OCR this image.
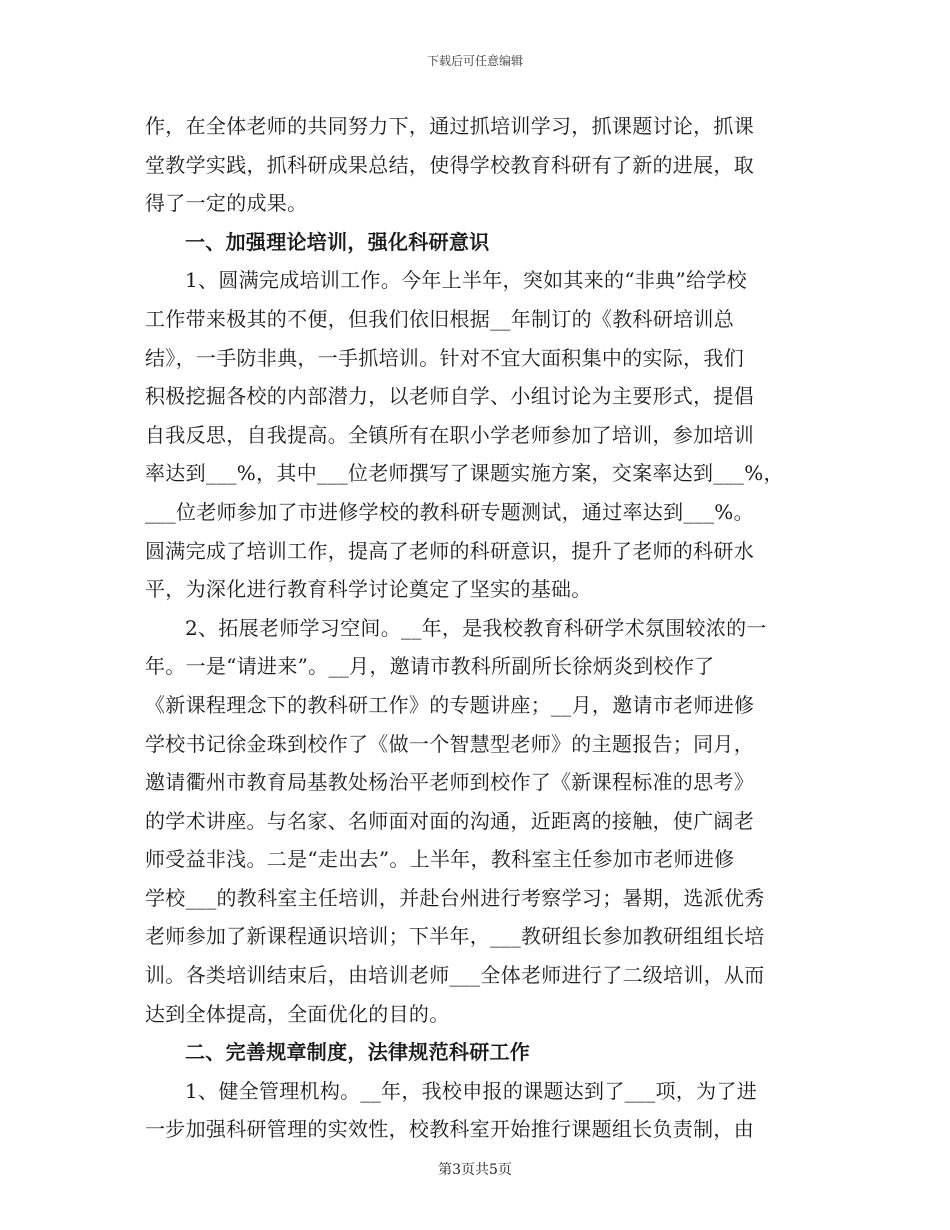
下载后可任意编辑
作，在全体老师的共同努力下，通过抓培训学习，抓课题讨论，抓课
堂教学实践，抓科研成果总结，使得学校教育科研有了新的进展，取
得了一定的成果。
一、加强理论培训，强化科研意识
1、圆满完成培训工作。今年上半年，突如其来的“非典”给学校
工作带来极其的不便，但我们依旧根据__年制订的《教科研培训总
结》，一手防非典，一手抓培训。针对不宜大面积集中的实际，我们
积极挖掘各校的内部潜力，以老师自学、小组讨论为主要形式，提倡
自我反思，自我提高。全镇所有在职小学老师参加了培训，参加培训
率达到___%，其中___位老师撰写了课题实施方案，交案率达到___%，
___位老师参加了市进修学校的教科研专题测试，通过率达到___%。
圆满完成了培训工作，提高了老师的科研意识，提升了老师的科研水
平，为深化进行教育科学讨论奠定了坚实的基础。
2、拓展老师学习空间。__年，是我校教育科研学术氛围较浓的一
年。一是“请进来”。__月，邀请市教科所副所长徐炳炎到校作了
《新课程理念下的教科研工作》的专题讲座；__月，邀请市老师进修
学校书记徐金珠到校作了《做一个智慧型老师》的主题报告；同月，
邀请衢州市教育局基教处杨治平老师到校作了《新课程标准的思考》
的学术讲座。与名家、名师面对面的沟通，近距离的接触，使广阔老
师受益非浅。二是“走出去”。上半年，教科室主任参加市老师进修
学校___的教科室主任培训，并赴台州进行考察学习；暑期，选派优秀
老师参加了新课程通识培训；下半年，___教研组长参加教研组组长培
训。各类培训结束后，由培训老师___全体老师进行了二级培训，从而
达到全体提高，全面优化的目的。
二、完善规章制度，法律规范科研工作
1、健全管理机构。__年，我校申报的课题达到了___项，为了进
一步加强科研管理的实效性，校教科室开始推行课题组长负责制，由
第3页共5页
